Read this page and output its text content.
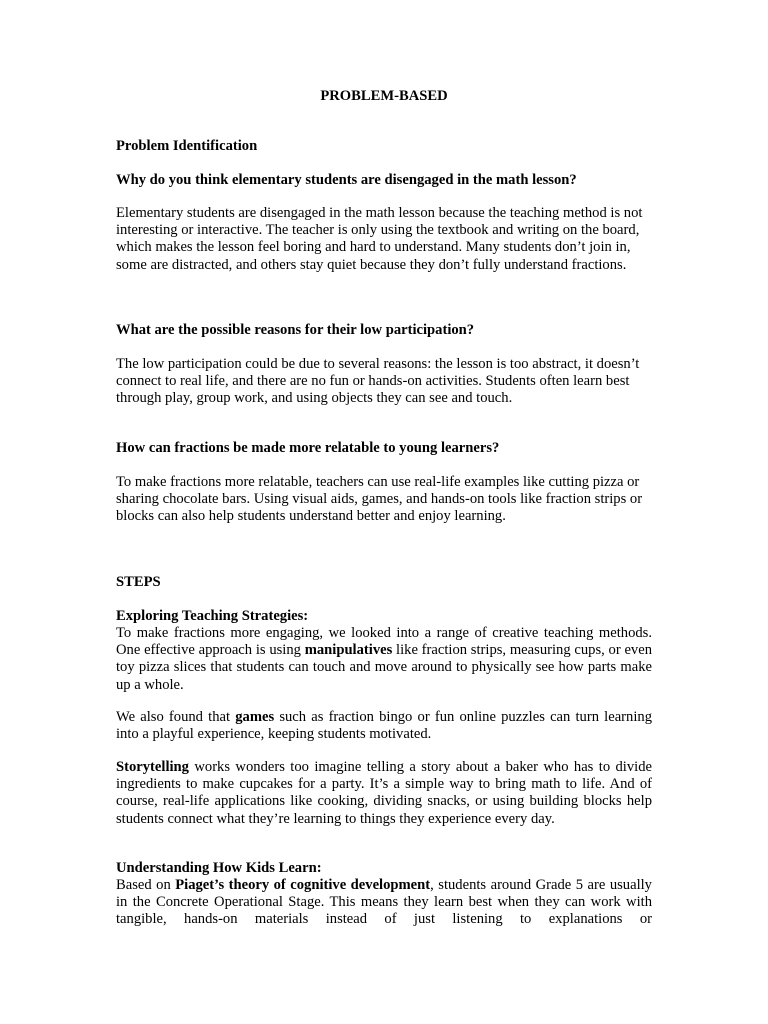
PROBLEM-BASED

Problem Identification

Why do you think elementary students are disengaged in the math lesson?

Elementary students are disengaged in the math lesson because the teaching method is not interesting or interactive. The teacher is only using the textbook and writing on the board, which makes the lesson feel boring and hard to understand. Many students don’t join in, some are distracted, and others stay quiet because they don’t fully understand fractions.

What are the possible reasons for their low participation?

The low participation could be due to several reasons: the lesson is too abstract, it doesn’t connect to real life, and there are no fun or hands-on activities. Students often learn best through play, group work, and using objects they can see and touch.

How can fractions be made more relatable to young learners?

To make fractions more relatable, teachers can use real-life examples like cutting pizza or sharing chocolate bars. Using visual aids, games, and hands-on tools like fraction strips or blocks can also help students understand better and enjoy learning.

STEPS

Exploring Teaching Strategies:

To make fractions more engaging, we looked into a range of creative teaching methods. One effective approach is using manipulatives like fraction strips, measuring cups, or even toy pizza slices that students can touch and move around to physically see how parts make up a whole.

We also found that games such as fraction bingo or fun online puzzles can turn learning into a playful experience, keeping students motivated.

Storytelling works wonders too imagine telling a story about a baker who has to divide ingredients to make cupcakes for a party. It’s a simple way to bring math to life. And of course, real-life applications like cooking, dividing snacks, or using building blocks help students connect what they’re learning to things they experience every day.

Understanding How Kids Learn:

Based on Piaget’s theory of cognitive development, students around Grade 5 are usually in the Concrete Operational Stage. This means they learn best when they can work with tangible, hands-on materials instead of just listening to explanations or
